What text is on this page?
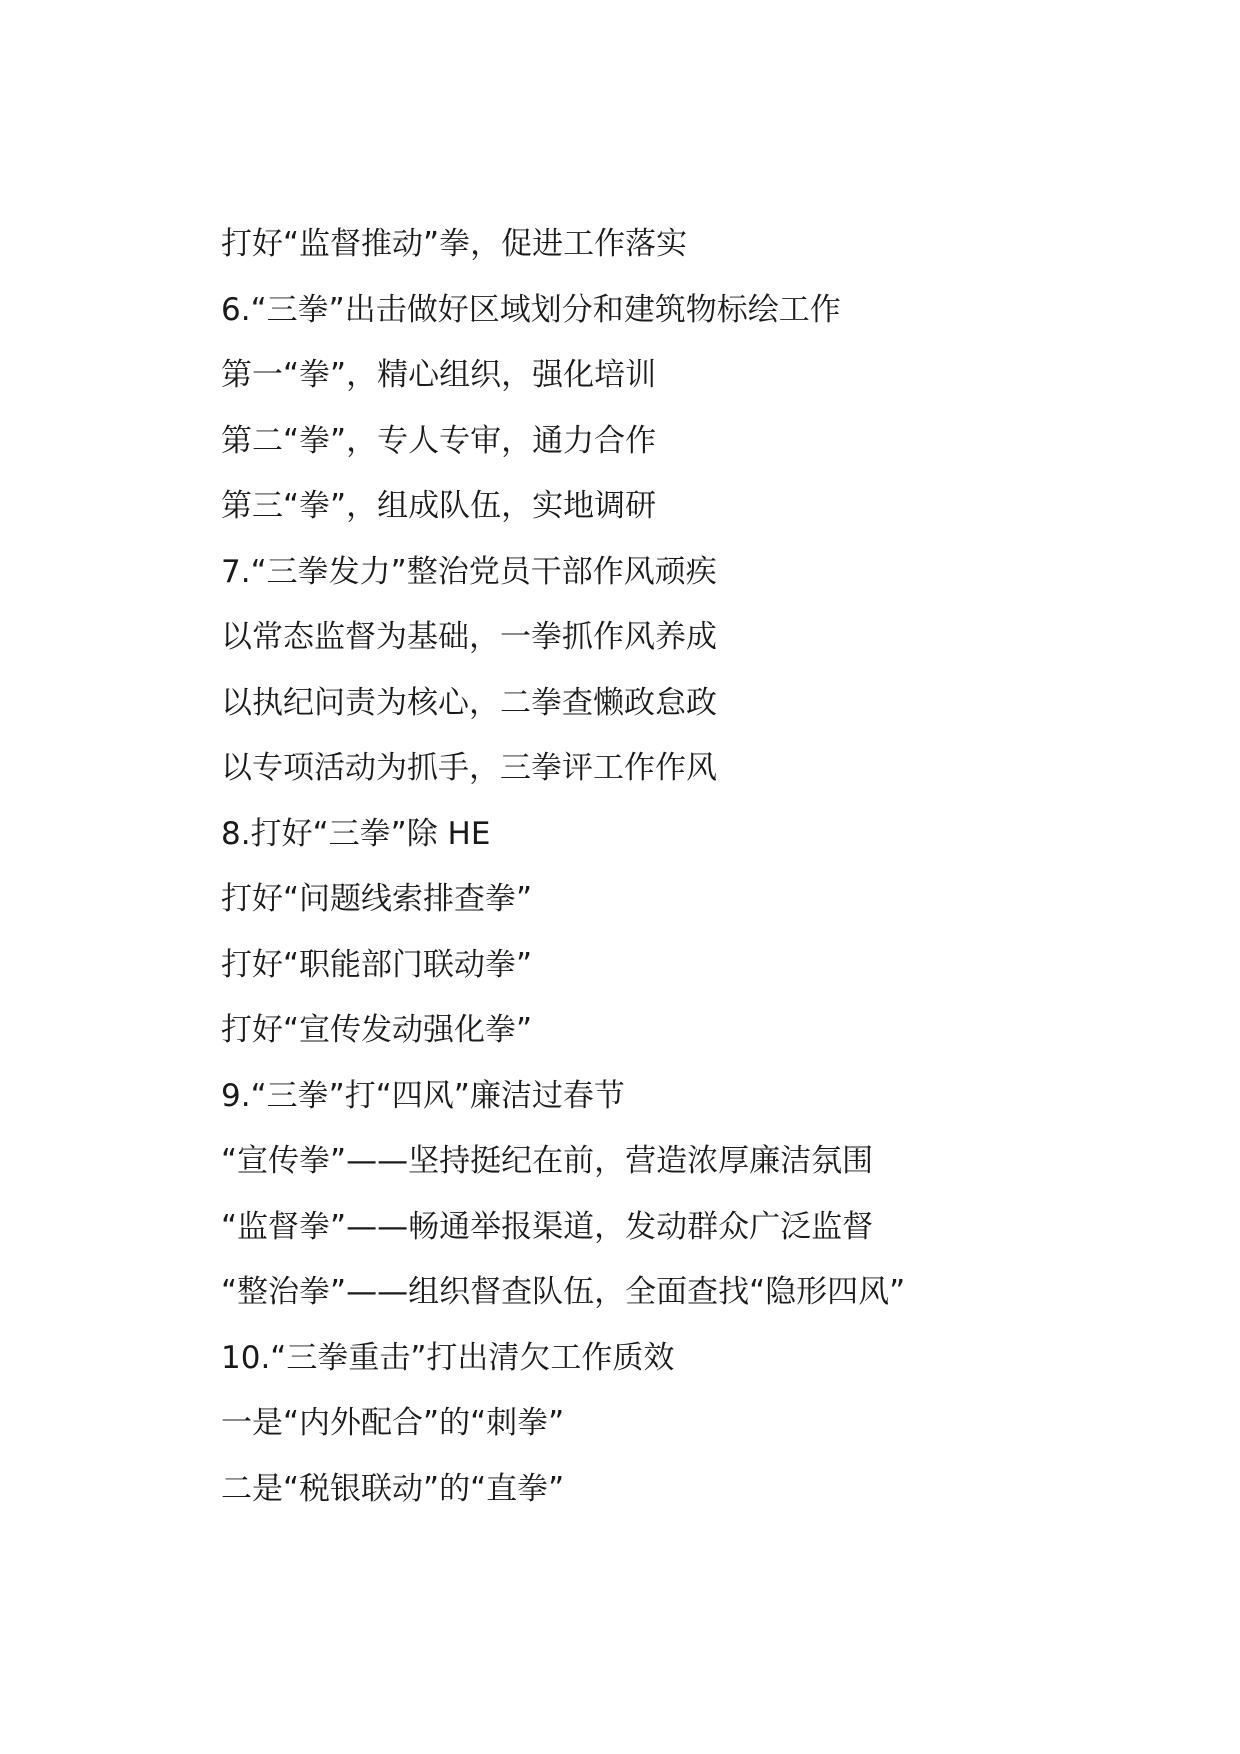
打好“监督推动”拳，促进工作落实
6.“三拳”出击做好区域划分和建筑物标绘工作
第一“拳”，精心组织，强化培训
第二“拳”，专人专审，通力合作
第三“拳”，组成队伍，实地调研
7.“三拳发力”整治党员干部作风顽疾
以常态监督为基础，一拳抓作风养成
以执纪问责为核心，二拳查懒政怠政
以专项活动为抓手，三拳评工作作风
8.打好“三拳”除 HE
打好“问题线索排查拳”
打好“职能部门联动拳”
打好“宣传发动强化拳”
9.“三拳”打“四风”廉洁过春节
“宣传拳”——坚持挺纪在前，营造浓厚廉洁氛围
“监督拳”——畅通举报渠道，发动群众广泛监督
“整治拳”——组织督查队伍，全面查找“隐形四风”
10.“三拳重击”打出清欠工作质效
一是“内外配合”的“刺拳”
二是“税银联动”的“直拳”
